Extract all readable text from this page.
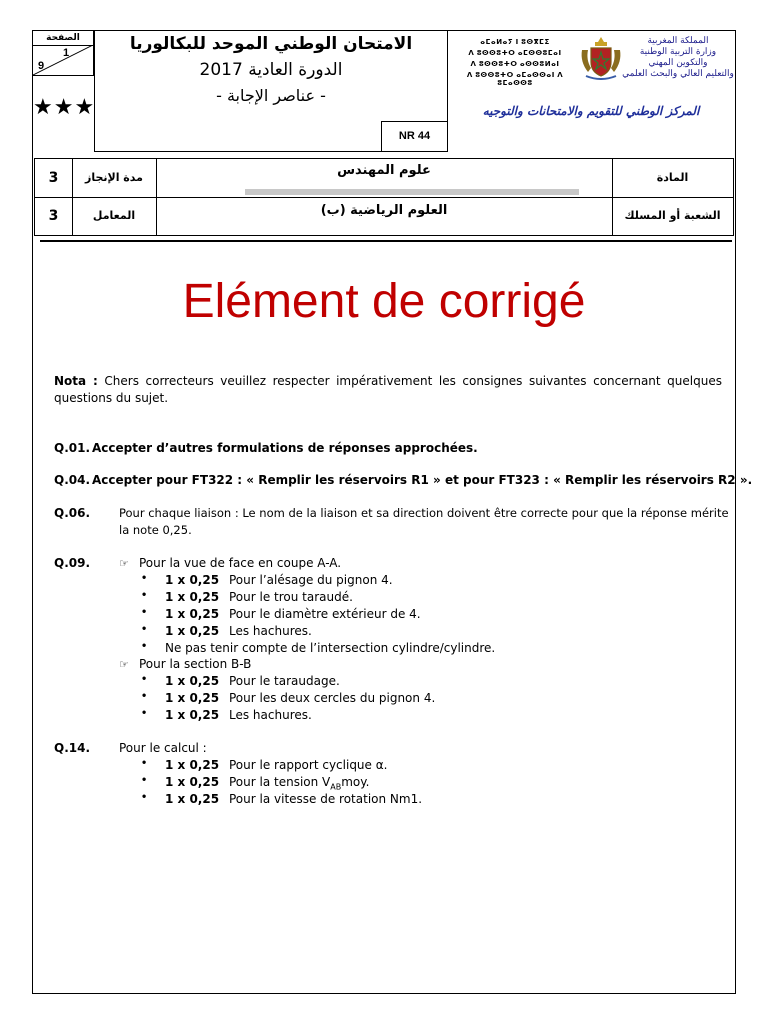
الصفحة
1
9
★★★
الامتحان الوطني الموحد للبكالوريا
الدورة العادية 2017
- عناصر الإجابة -
NR 44
ⴰⵎⴰⵍⴰⵢ ⵏ ⵓⵙⴳⵎⵉ
ⴷ ⵓⵙⵙⵓⵜⵔ ⴰⵎⵙⵙⵓⵎⴰⵏ
ⴷ ⵓⵙⵙⵓⵜⵔ ⴰⵙⵙⵓⵍⴰⵏ
ⴷ ⵓⵙⵙⵓⵜⵔ ⴰⵎⴰⵙⵙⴰⵏ ⴷ ⵓⵎⴰⵙⵙⵓ
المملكة المغربية
وزارة التربية الوطنية
والتكوين المهني
والتعليم العالي والبحث العلمي
المركز الوطني للتقويم والامتحانات والتوجيه
3	مدة الإنجاز	علوم المهندس	المادة
3	المعامل	العلوم الرياضية (ب)	الشعبة أو المسلك
Elément de corrigé
Nota : Chers correcteurs veuillez respecter impérativement les consignes suivantes concernant quelques questions du sujet.
Q.01. Accepter d’autres formulations de réponses approchées.
Q.04. Accepter pour FT322 : « Remplir les réservoirs R1 » et pour FT323 : « Remplir les réservoirs R2 ».
Q.06.	Pour chaque liaison : Le nom de la liaison et sa direction doivent être correcte pour que la réponse mérite
la note 0,25.
Q.09.	☞ Pour la vue de face en coupe A-A.
• 1 x 0,25 Pour l’alésage du pignon 4.
• 1 x 0,25 Pour le trou taraudé.
• 1 x 0,25 Pour le diamètre extérieur de 4.
• 1 x 0,25 Les hachures.
• Ne pas tenir compte de l’intersection cylindre/cylindre.
☞ Pour la section B-B
• 1 x 0,25 Pour le taraudage.
• 1 x 0,25 Pour les deux cercles du pignon 4.
• 1 x 0,25 Les hachures.
Q.14. Pour le calcul :
• 1 x 0,25 Pour le rapport cyclique α.
• 1 x 0,25 Pour la tension $V_{AB}moy$.
• 1 x 0,25 Pour la vitesse de rotation Nm1.
